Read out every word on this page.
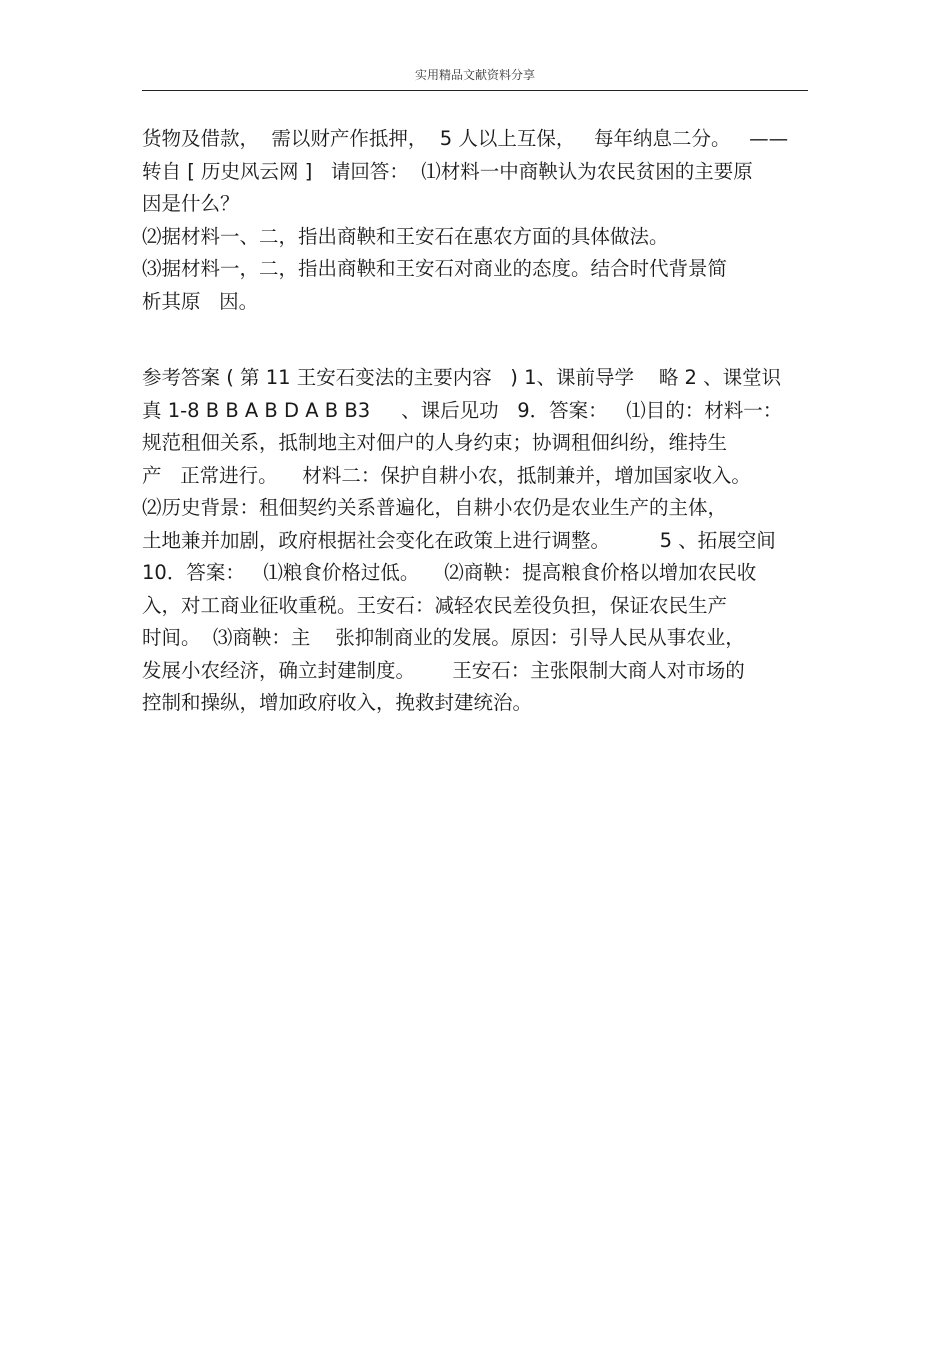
实用精品文献资料分享
货物及借款，  需以财产作抵押，  5 人以上互保，   每年纳息二分。   ——
转自 [ 历史风云网 ]   请回答：  ⑴材料一中商鞅认为农民贫困的主要原
因是什么？
⑵据材料一、二，指出商鞅和王安石在惠农方面的具体做法。
⑶据材料一，二，指出商鞅和王安石对商业的态度。结合时代背景简
析其原   因。
参考答案 ( 第 11 王安石变法的主要内容   ) 1、课前导学    略 2 、课堂识
真 1-8 B B A B D A B B3     、课后见功   9．答案：   ⑴目的：材料一：
规范租佃关系，抵制地主对佃户的人身约束；协调租佃纠纷，维持生
产   正常进行。    材料二：保护自耕小农，抵制兼并，增加国家收入。
⑵历史背景：租佃契约关系普遍化，自耕小农仍是农业生产的主体，
土地兼并加剧，政府根据社会变化在政策上进行调整。        5 、拓展空间
10．答案：   ⑴粮食价格过低。    ⑵商鞅：提高粮食价格以增加农民收
入，对工商业征收重税。王安石：减轻农民差役负担，保证农民生产
时间。  ⑶商鞅：主    张抑制商业的发展。原因：引导人民从事农业，
发展小农经济，确立封建制度。      王安石：主张限制大商人对市场的
控制和操纵，增加政府收入，挽救封建统治。
